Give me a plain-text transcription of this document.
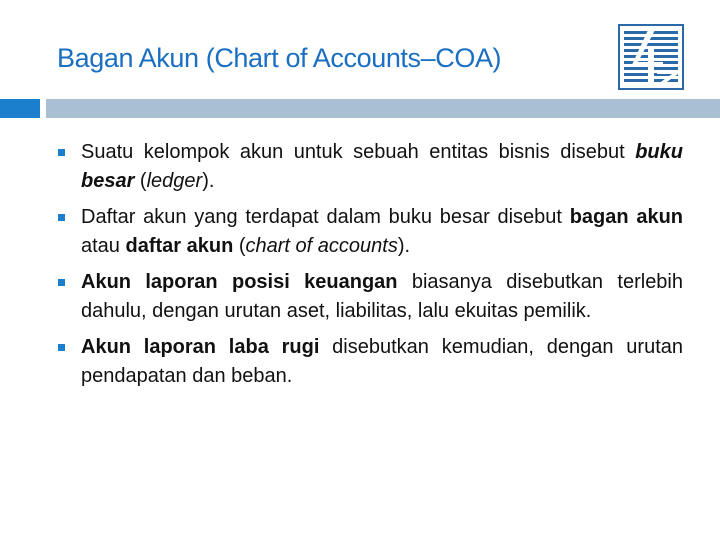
Bagan Akun (Chart of Accounts–COA)
Suatu kelompok akun untuk sebuah entitas bisnis disebut buku besar (ledger).
Daftar akun yang terdapat dalam buku besar disebut bagan akun atau daftar akun (chart of accounts).
Akun laporan posisi keuangan biasanya disebutkan terlebih dahulu, dengan urutan aset, liabilitas, lalu ekuitas pemilik.
Akun laporan laba rugi disebutkan kemudian, dengan urutan pendapatan dan beban.
